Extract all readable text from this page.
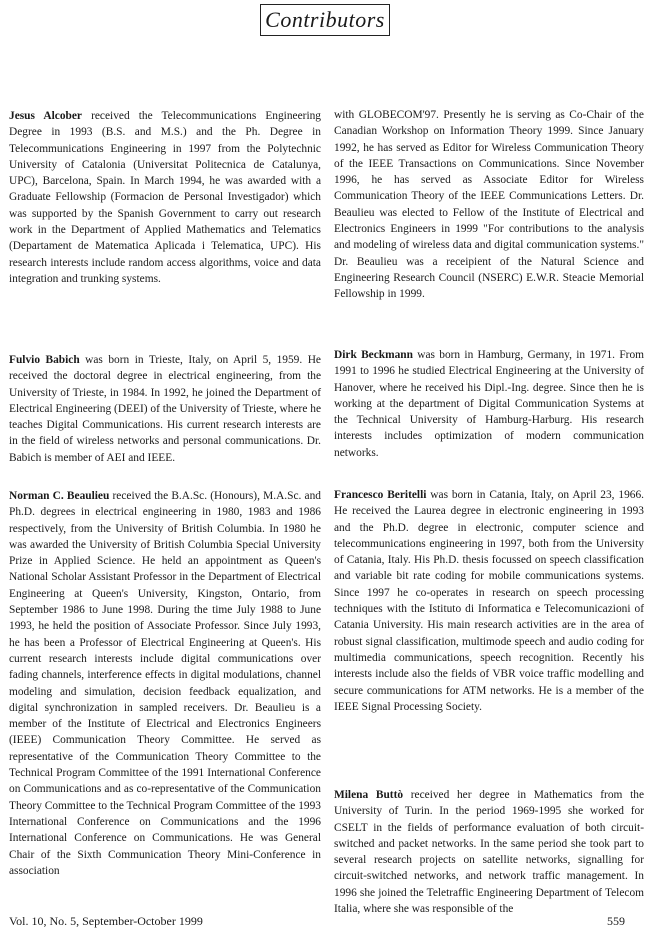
Contributors

Jesus Alcober received the Telecommunications Engineering Degree in 1993 (B.S. and M.S.) and the Ph. Degree in Telecommunications Engineering in 1997 from the Polytechnic University of Catalonia (Universitat Politecnica de Catalunya, UPC), Barcelona, Spain. In March 1994, he was awarded with a Graduate Fellowship (Formacion de Personal Investigador) which was supported by the Spanish Government to carry out research work in the Department of Applied Mathematics and Telematics (Departament de Matematica Aplicada i Telematica, UPC). His research interests include random access algorithms, voice and data integration and trunking systems.

Fulvio Babich was born in Trieste, Italy, on April 5, 1959. He received the doctoral degree in electrical engineering, from the University of Trieste, in 1984. In 1992, he joined the Department of Electrical Engineering (DEEI) of the University of Trieste, where he teaches Digital Communications. His current research interests are in the field of wireless networks and personal communications. Dr. Babich is member of AEI and IEEE.

Norman C. Beaulieu received the B.A.Sc. (Honours), M.A.Sc. and Ph.D. degrees in electrical engineering in 1980, 1983 and 1986 respectively, from the University of British Columbia. In 1980 he was awarded the University of British Columbia Special University Prize in Applied Science. He held an appointment as Queen's National Scholar Assistant Professor in the Department of Electrical Engineering at Queen's University, Kingston, Ontario, from September 1986 to June 1998. During the time July 1988 to June 1993, he held the position of Associate Professor. Since July 1993, he has been a Professor of Electrical Engineering at Queen's. His current research interests include digital communications over fading channels, interference effects in digital modulations, channel modeling and simulation, decision feedback equalization, and digital synchronization in sampled receivers. Dr. Beaulieu is a member of the Institute of Electrical and Electronics Engineers (IEEE) Communication Theory Committee. He served as representative of the Communication Theory Committee to the Technical Program Committee of the 1991 International Conference on Communications and as co-representative of the Communication Theory Committee to the Technical Program Committee of the 1993 International Conference on Communications and the 1996 International Conference on Communications. He was General Chair of the Sixth Communication Theory Mini-Conference in association

with GLOBECOM'97. Presently he is serving as Co-Chair of the Canadian Workshop on Information Theory 1999. Since January 1992, he has served as Editor for Wireless Communication Theory of the IEEE Transactions on Communications. Since November 1996, he has served as Associate Editor for Wireless Communication Theory of the IEEE Communications Letters. Dr. Beaulieu was elected to Fellow of the Institute of Electrical and Electronics Engineers in 1999 "For contributions to the analysis and modeling of wireless data and digital communication systems." Dr. Beaulieu was a receipient of the Natural Science and Engineering Research Council (NSERC) E.W.R. Steacie Memorial Fellowship in 1999.

Dirk Beckmann was born in Hamburg, Germany, in 1971. From 1991 to 1996 he studied Electrical Engineering at the University of Hanover, where he received his Dipl.-Ing. degree. Since then he is working at the department of Digital Communication Systems at the Technical University of Hamburg-Harburg. His research interests includes optimization of modern communication networks.

Francesco Beritelli was born in Catania, Italy, on April 23, 1966. He received the Laurea degree in electronic engineering in 1993 and the Ph.D. degree in electronic, computer science and telecommunications engineering in 1997, both from the University of Catania, Italy. His Ph.D. thesis focussed on speech classification and variable bit rate coding for mobile communications systems. Since 1997 he co-operates in research on speech processing techniques with the Istituto di Informatica e Telecomunicazioni of Catania University. His main research activities are in the area of robust signal classification, multimode speech and audio coding for multimedia communications, speech recognition. Recently his interests include also the fields of VBR voice traffic modelling and secure communications for ATM networks. He is a member of the IEEE Signal Processing Society.

Milena Buttò received her degree in Mathematics from the University of Turin. In the period 1969-1995 she worked for CSELT in the fields of performance evaluation of both circuit-switched and packet networks. In the same period she took part to several research projects on satellite networks, signalling for circuit-switched networks, and network traffic management. In 1996 she joined the Teletraffic Engineering Department of Telecom Italia, where she was responsible of the

Vol. 10, No. 5, September-October 1999	559
